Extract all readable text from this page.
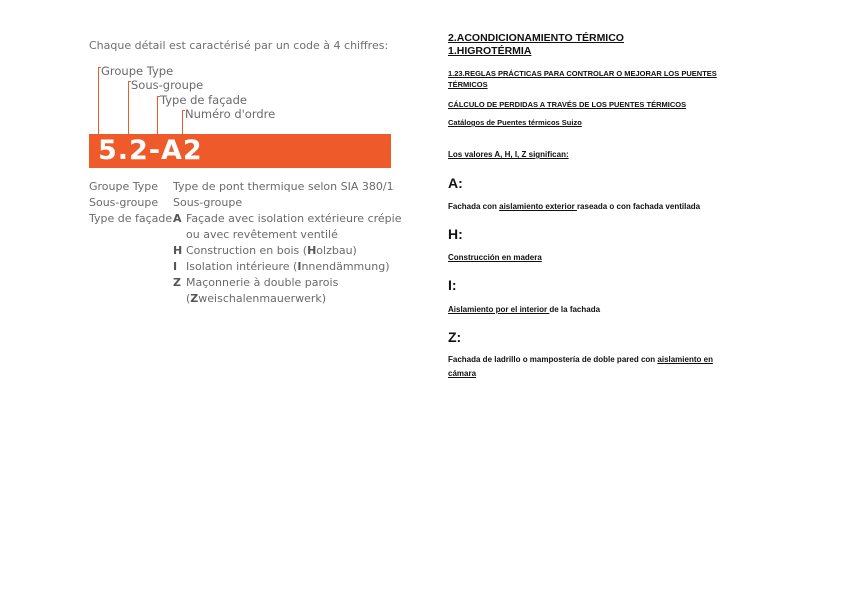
Chaque détail est caractérisé par un code à 4 chiffres:
Groupe Type
Sous-groupe
Type de façade
Numéro d'ordre
5.2-A2
Groupe Type Type de pont thermique selon SIA 380/1
Sous-groupe Sous-groupe
Type de façade A Façade avec isolation extérieure crépie
ou avec revêtement ventilé
H Construction en bois (Holzbau)
I Isolation intérieure (Innendämmung)
Z Maçonnerie à double parois
(Zweischalenmauerwerk)
2.ACONDICIONAMIENTO TÉRMICO
1.HIGROTÉRMIA
1.23.REGLAS PRÁCTICAS PARA CONTROLAR O MEJORAR LOS PUENTES
TÉRMICOS
CÁLCULO DE PERDIDAS A TRAVÉS DE LOS PUENTES TÉRMICOS
Catálogos de Puentes térmicos Suizo
Los valores A, H, I, Z significan:
A:
Fachada con aislamiento exterior raseada o con fachada ventilada
H:
Construcción en madera
I:
Aislamiento por el interior de la fachada
Z:
Fachada de ladrillo o mampostería de doble pared con aislamiento en
cámara
